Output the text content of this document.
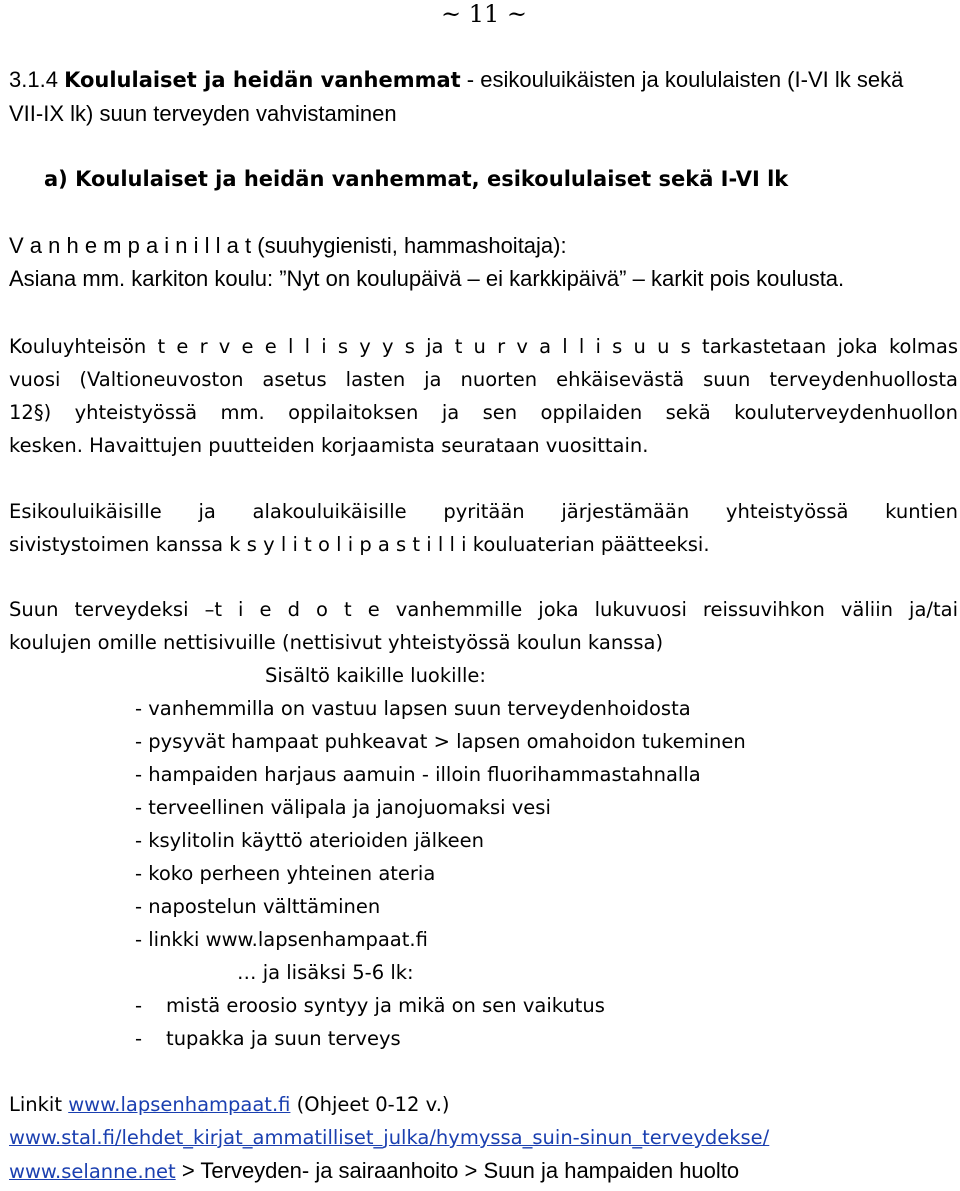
~ 11 ~
3.1.4 Koululaiset ja heidän vanhemmat - esikouluikäisten ja koululaisten (I-VI lk sekä
VII-IX lk) suun terveyden vahvistaminen
a) Koululaiset ja heidän vanhemmat, esikoululaiset sekä I-VI lk
V a n h e m p a i n i l l a t (suuhygienisti, hammashoitaja):
Asiana mm. karkiton koulu: ”Nyt on koulupäivä – ei karkkipäivä” – karkit pois koulusta.
Kouluyhteisön t e r v e e l l i s y y s ja t u r v a l l i s u u s tarkastetaan joka kolmas
vuosi (Valtioneuvoston asetus lasten ja nuorten ehkäisevästä suun terveydenhuollosta
12§) yhteistyössä mm. oppilaitoksen ja sen oppilaiden sekä kouluterveydenhuollon
kesken. Havaittujen puutteiden korjaamista seurataan vuosittain.
Esikouluikäisille ja alakouluikäisille pyritään järjestämään yhteistyössä kuntien
sivistystoimen kanssa k s y l i t o l i p a s t i l l i kouluaterian päätteeksi.
Suun terveydeksi –t i e d o t e vanhemmille joka lukuvuosi reissuvihkon väliin ja/tai
koulujen omille nettisivuille (nettisivut yhteistyössä koulun kanssa)
Sisältö kaikille luokille:
- vanhemmilla on vastuu lapsen suun terveydenhoidosta
- pysyvät hampaat puhkeavat > lapsen omahoidon tukeminen
- hampaiden harjaus aamuin - illoin fluorihammastahnalla
- terveellinen välipala ja janojuomaksi vesi
- ksylitolin käyttö aterioiden jälkeen
- koko perheen yhteinen ateria
- napostelun välttäminen
- linkki www.lapsenhampaat.fi
… ja lisäksi 5-6 lk:
- mistä eroosio syntyy ja mikä on sen vaikutus
- tupakka ja suun terveys
Linkit www.lapsenhampaat.fi (Ohjeet 0-12 v.)
www.stal.fi/lehdet_kirjat_ammatilliset_julka/hymyssa_suin-sinun_terveydekse/
www.selanne.net > Terveyden- ja sairaanhoito > Suun ja hampaiden huolto
